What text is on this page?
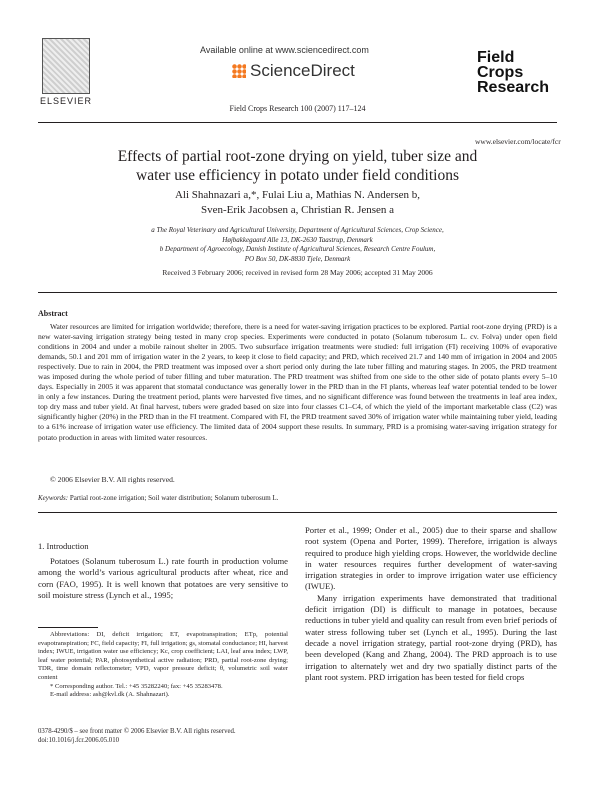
ELSEVIER
Available online at www.sciencedirect.com
ScienceDirect
Field Crops Research 100 (2007) 117–124
Field
Crops
Research
www.elsevier.com/locate/fcr
Effects of partial root-zone drying on yield, tuber size and
water use efficiency in potato under field conditions
Ali Shahnazari a,*, Fulai Liu a, Mathias N. Andersen b,
Sven-Erik Jacobsen a, Christian R. Jensen a
a The Royal Veterinary and Agricultural University, Department of Agricultural Sciences, Crop Science,
Højbakkegaard Alle 13, DK-2630 Taastrup, Denmark
b Department of Agroecology, Danish Institute of Agricultural Sciences, Research Centre Foulum,
PO Box 50, DK-8830 Tjele, Denmark
Received 3 February 2006; received in revised form 28 May 2006; accepted 31 May 2006
Abstract
Water resources are limited for irrigation worldwide; therefore, there is a need for water-saving irrigation practices to be explored. Partial root-zone drying (PRD) is a new water-saving irrigation strategy being tested in many crop species. Experiments were conducted in potato (Solanum tuberosum L. cv. Folva) under open field conditions in 2004 and under a mobile rainout shelter in 2005. Two subsurface irrigation treatments were studied: full irrigation (FI) receiving 100% of evaporative demands, 50.1 and 201 mm of irrigation water in the 2 years, to keep it close to field capacity; and PRD, which received 21.7 and 140 mm of irrigation in 2004 and 2005 respectively. Due to rain in 2004, the PRD treatment was imposed over a short period only during the late tuber filling and maturing stages. In 2005, the PRD treatment was imposed during the whole period of tuber filling and tuber maturation. The PRD treatment was shifted from one side to the other side of potato plants every 5–10 days. Especially in 2005 it was apparent that stomatal conductance was generally lower in the PRD than in the FI plants, whereas leaf water potential tended to be lower in only a few instances. During the treatment period, plants were harvested five times, and no significant difference was found between the treatments in leaf area index, top dry mass and tuber yield. At final harvest, tubers were graded based on size into four classes C1–C4, of which the yield of the important marketable class (C2) was significantly higher (20%) in the PRD than in the FI treatment. Compared with FI, the PRD treatment saved 30% of irrigation water while maintaining tuber yield, leading to a 61% increase of irrigation water use efficiency. The limited data of 2004 support these results. In summary, PRD is a promising water-saving irrigation strategy for potato production in areas with limited water resources.
© 2006 Elsevier B.V. All rights reserved.
Keywords: Partial root-zone irrigation; Soil water distribution; Solanum tuberosum L.
1. Introduction

Potatoes (Solanum tuberosum L.) rate fourth in production volume among the world’s various agricultural products after wheat, rice and corn (FAO, 1995). It is well known that potatoes are very sensitive to soil moisture stress (Lynch et al., 1995;

Porter et al., 1999; Onder et al., 2005) due to their sparse and shallow root system (Opena and Porter, 1999). Therefore, irrigation is always required to produce high yielding crops. However, the worldwide decline in water resources requires further development of water-saving irrigation strategies in order to improve irrigation water use efficiency (IWUE).

Many irrigation experiments have demonstrated that traditional deficit irrigation (DI) is difficult to manage in potatoes, because reductions in tuber yield and quality can result from even brief periods of water stress following tuber set (Lynch et al., 1995). During the last decade a novel irrigation strategy, partial root-zone drying (PRD), has been developed (Kang and Zhang, 2004). The PRD approach is to use irrigation to alternately wet and dry two spatially distinct parts of the plant root system. PRD irrigation has been tested for field crops

Abbreviations: DI, deficit irrigation; ET, evapotranspiration; ETp, potential evapotranspiration; FC, field capacity; FI, full irrigation; gs, stomatal conductance; HI, harvest index; IWUE, irrigation water use efficiency; Kc, crop coefficient; LAI, leaf area index; LWP, leaf water potential; PAR, photosynthetical active radiation; PRD, partial root-zone drying; TDR, time domain reflectometer; VPD, vapor pressure deficit; θ, volumetric soil water content

* Corresponding author. Tel.: +45 35282240; fax: +45 35283478.

E-mail address: ash@kvl.dk (A. Shahnazari).

0378-4290/$ – see front matter © 2006 Elsevier B.V. All rights reserved.
doi:10.1016/j.fcr.2006.05.010
